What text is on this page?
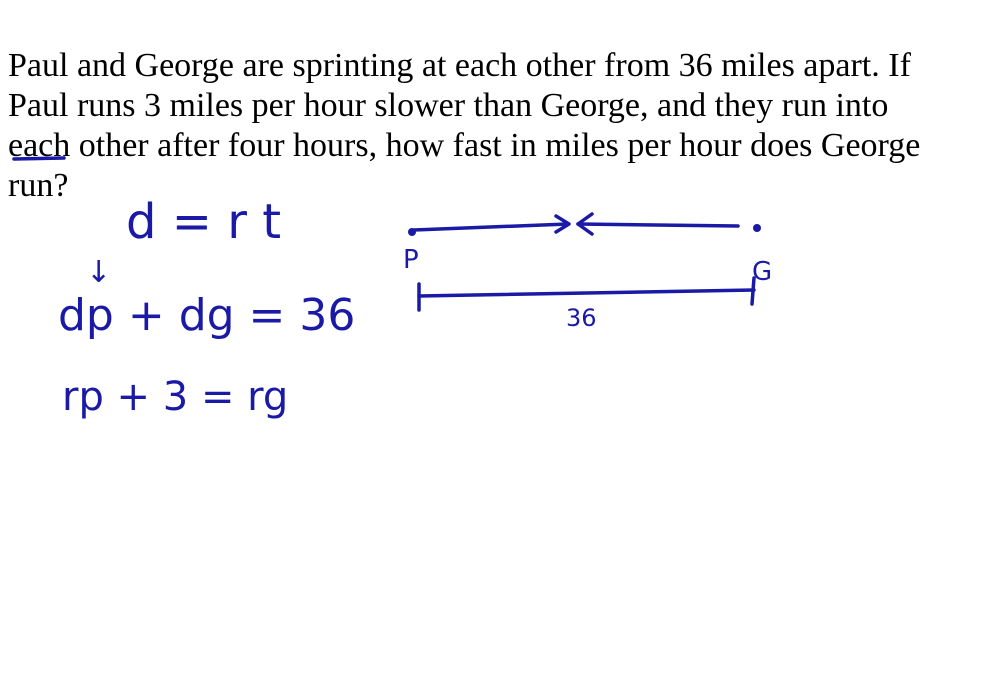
Paul and George are sprinting at each other from 36 miles apart. If
Paul runs 3 miles per hour slower than George, and they run into
each other after four hours, how fast in miles per hour does George
run?

d = r t
↓
dp + dg = 36
rp + 3 = rg
P	G
36
